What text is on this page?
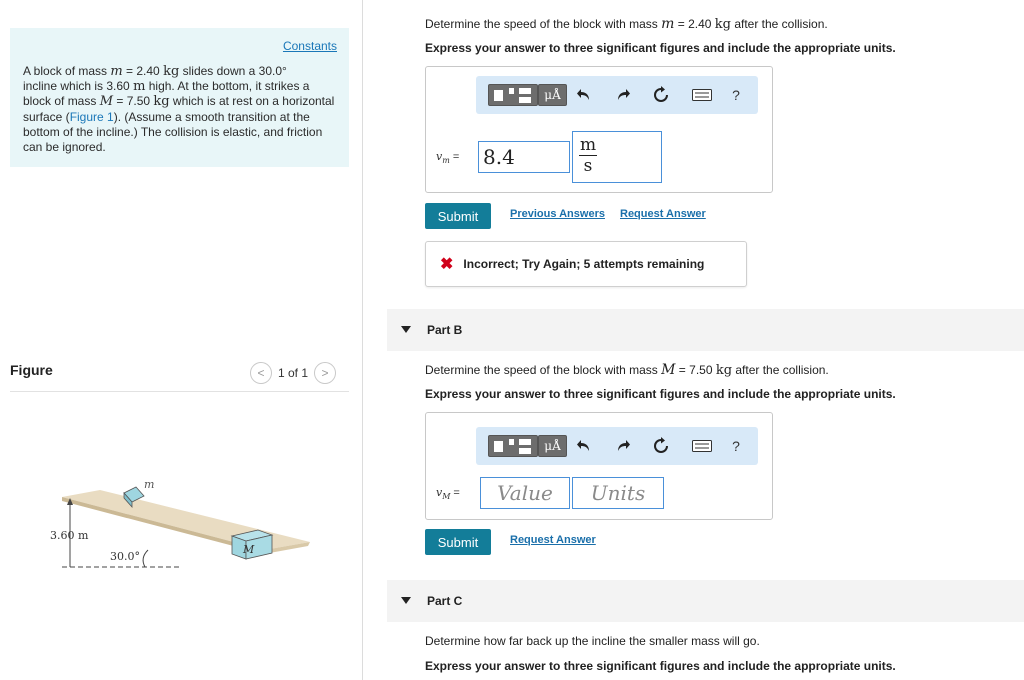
Constants
A block of mass m = 2.40 kg slides down a 30.0°
incline which is 3.60 m high. At the bottom, it strikes a block of mass M = 7.50 kg which is at rest on a horizontal surface (Figure 1). (Assume a smooth transition at the bottom of the incline.) The collision is elastic, and friction can be ignored.
Figure	< 1 of 1 >
3.60 m
30.0°
m
M
Determine the speed of the block with mass m = 2.40 kg after the collision.
Express your answer to three significant figures and include the appropriate units.
μÅ	?
$v_m = 8.4$	$\frac{m}{s}$
Submit	Previous Answers Request Answer
✖ Incorrect; Try Again; 5 attempts remaining
Part B
Determine the speed of the block with mass M = 7.50 kg after the collision.
Express your answer to three significant figures and include the appropriate units.
μÅ	?
$v_M$ = Value Units
Submit	Request Answer
Part C
Determine how far back up the incline the smaller mass will go.
Express your answer to three significant figures and include the appropriate units.
